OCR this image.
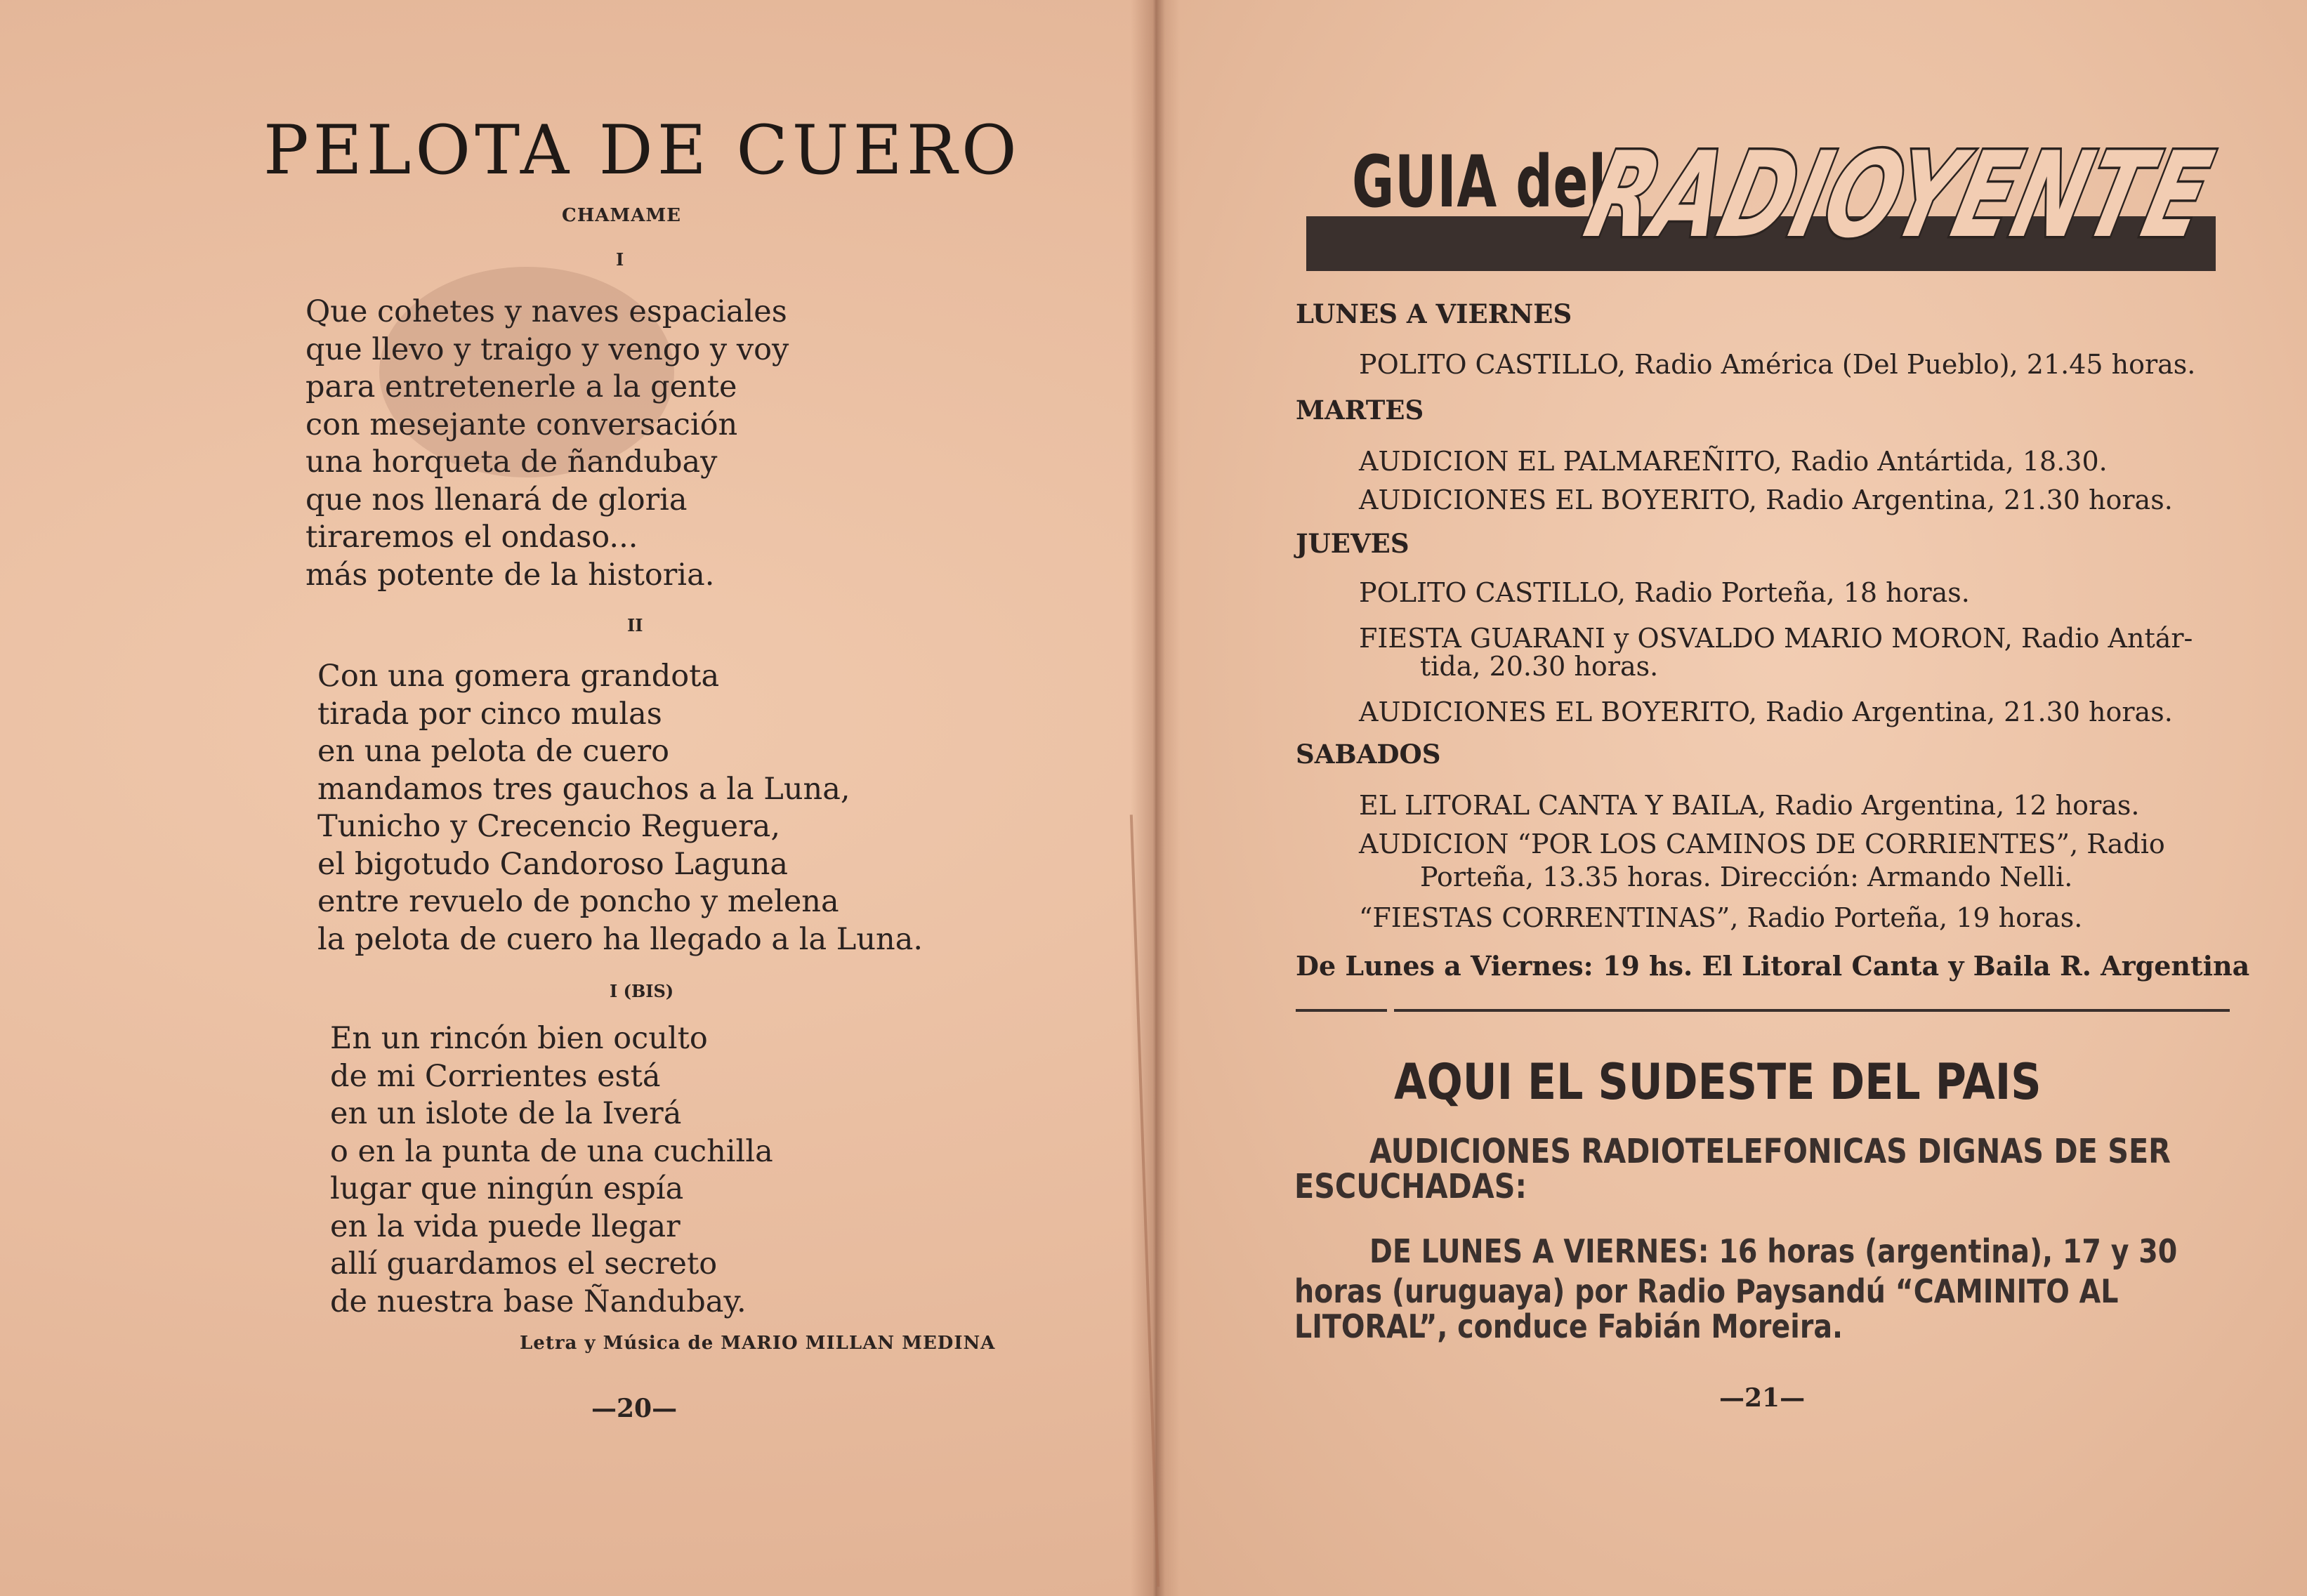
PELOTA DE CUERO
CHAMAME
I
Que cohetes y naves espaciales
que llevo y traigo y vengo y voy
para entretenerle a la gente
con mesejante conversación
una horqueta de ñandubay
que nos llenará de gloria
tiraremos el ondaso...
más potente de la historia.
II
Con una gomera grandota
tirada por cinco mulas
en una pelota de cuero
mandamos tres gauchos a la Luna,
Tunicho y Crecencio Reguera,
el bigotudo Candoroso Laguna
entre revuelo de poncho y melena
la pelota de cuero ha llegado a la Luna.
I (BIS)
En un rincón bien oculto
de mi Corrientes está
en un islote de la Iverá
o en la punta de una cuchilla
lugar que ningún espía
en la vida puede llegar
allí guardamos el secreto
de nuestra base Ñandubay.
Letra y Música de MARIO MILLAN MEDINA
—20—
GUIA del
RADIOYENTE
LUNES A VIERNES
POLITO CASTILLO, Radio América (Del Pueblo), 21.45 horas.
MARTES
AUDICION EL PALMAREÑITO, Radio Antártida, 18.30.
AUDICIONES EL BOYERITO, Radio Argentina, 21.30 horas.
JUEVES
POLITO CASTILLO, Radio Porteña, 18 horas.
FIESTA GUARANI y OSVALDO MARIO MORON, Radio Antár-
tida, 20.30 horas.
AUDICIONES EL BOYERITO, Radio Argentina, 21.30 horas.
SABADOS
EL LITORAL CANTA Y BAILA, Radio Argentina, 12 horas.
AUDICION “POR LOS CAMINOS DE CORRIENTES”, Radio
Porteña, 13.35 horas. Dirección: Armando Nelli.
“FIESTAS CORRENTINAS”, Radio Porteña, 19 horas.
De Lunes a Viernes: 19 hs. El Litoral Canta y Baila R. Argentina
AQUI EL SUDESTE DEL PAIS
AUDICIONES RADIOTELEFONICAS DIGNAS DE SER
ESCUCHADAS:
DE LUNES A VIERNES: 16 horas (argentina), 17 y 30
horas (uruguaya) por Radio Paysandú “CAMINITO AL
LITORAL”, conduce Fabián Moreira.
—21—
